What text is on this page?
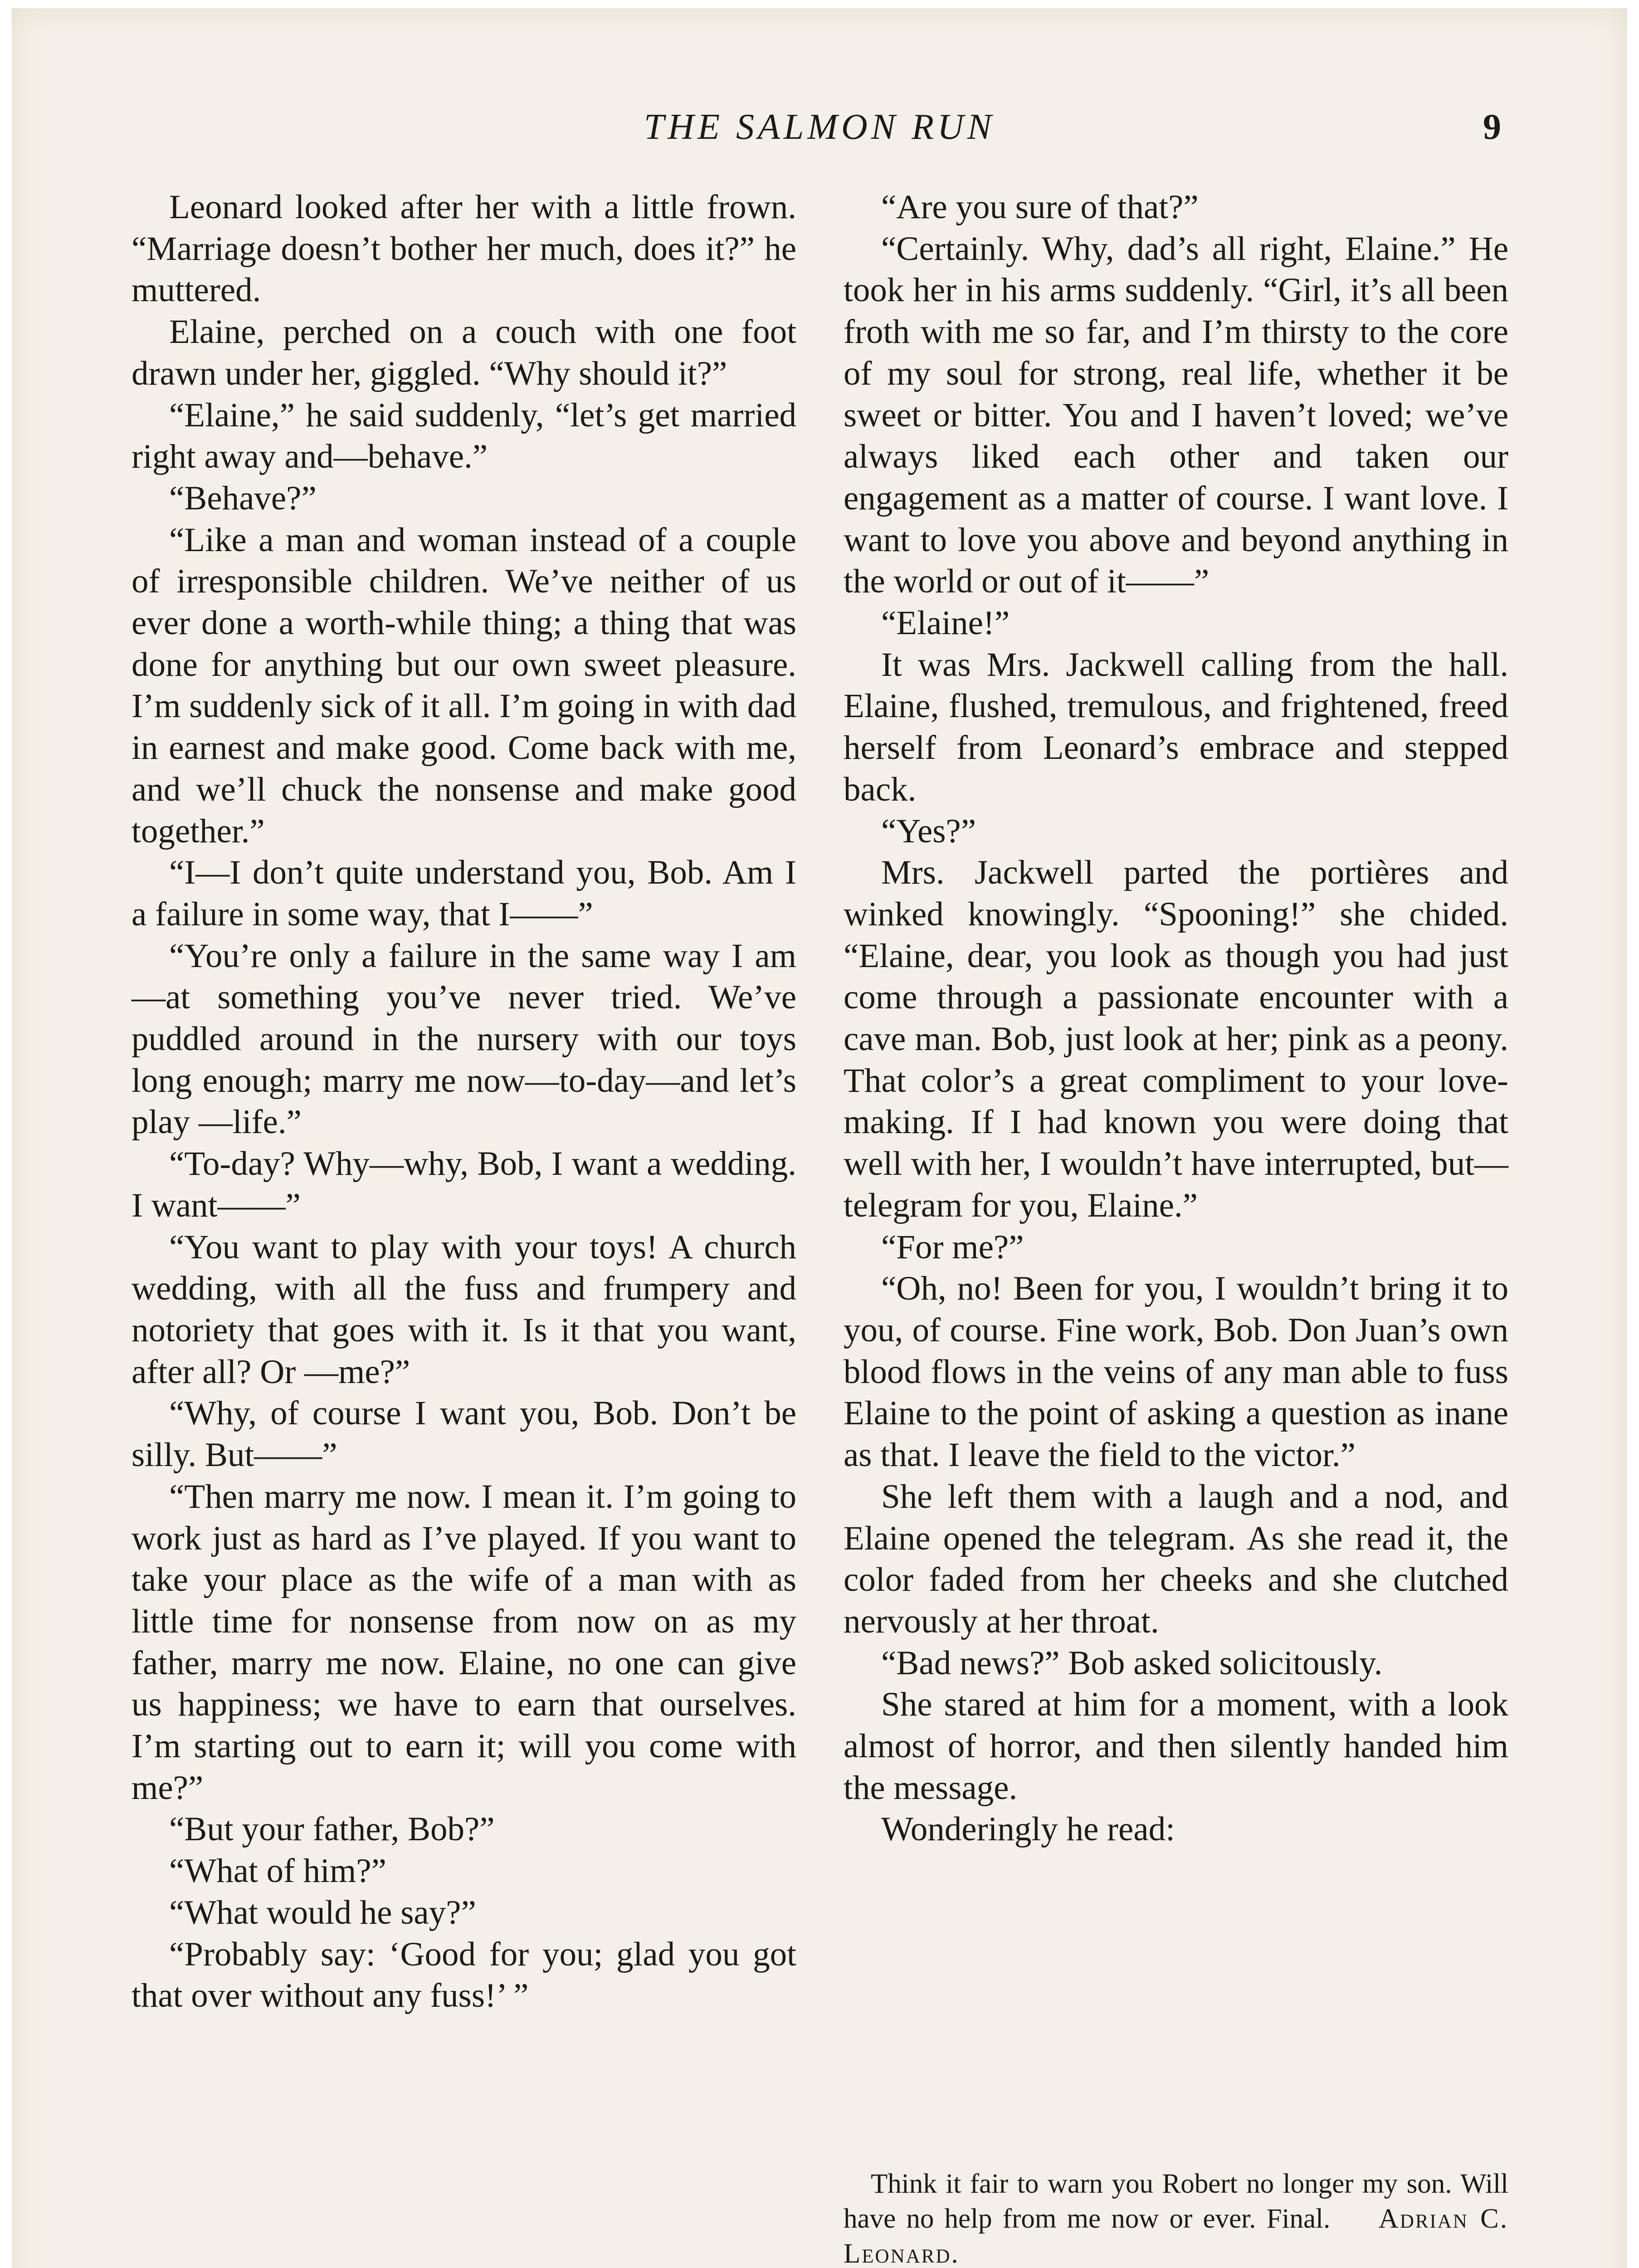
THE SALMON RUN	9

Leonard looked after her with a little frown. “Marriage doesn’t bother her much, does it?” he muttered.

Elaine, perched on a couch with one foot drawn under her, giggled. “Why should it?”

“Elaine,” he said suddenly, “let’s get married right away and—behave.”

“Behave?”

“Like a man and woman instead of a couple of irresponsible children. We’ve neither of us ever done a worth-while thing; a thing that was done for anything but our own sweet pleasure. I’m suddenly sick of it all. I’m going in with dad in earnest and make good. Come back with me, and we’ll chuck the nonsense and make good together.”

“I—I don’t quite understand you, Bob. Am I a failure in some way, that I——”

“You’re only a failure in the same way I am—at something you’ve never tried. We’ve puddled around in the nursery with our toys long enough; marry me now—to-day—and let’s play —life.”

“To-day? Why—why, Bob, I want a wedding. I want——”

“You want to play with your toys! A church wedding, with all the fuss and frumpery and notoriety that goes with it. Is it that you want, after all? Or —me?”

“Why, of course I want you, Bob. Don’t be silly. But——”

“Then marry me now. I mean it. I’m going to work just as hard as I’ve played. If you want to take your place as the wife of a man with as little time for nonsense from now on as my father, marry me now. Elaine, no one can give us happiness; we have to earn that ourselves. I’m starting out to earn it; will you come with me?”

“But your father, Bob?”

“What of him?”

“What would he say?”

“Probably say: ‘Good for you; glad you got that over without any fuss!’ ”

“Are you sure of that?”

“Certainly. Why, dad’s all right, Elaine.” He took her in his arms suddenly. “Girl, it’s all been froth with me so far, and I’m thirsty to the core of my soul for strong, real life, whether it be sweet or bitter. You and I haven’t loved; we’ve always liked each other and taken our engagement as a matter of course. I want love. I want to love you above and beyond anything in the world or out of it——”

“Elaine!”

It was Mrs. Jackwell calling from the hall. Elaine, flushed, tremulous, and frightened, freed herself from Leonard’s embrace and stepped back.

“Yes?”

Mrs. Jackwell parted the portières and winked knowingly. “Spooning!” she chided. “Elaine, dear, you look as though you had just come through a passionate encounter with a cave man. Bob, just look at her; pink as a peony. That color’s a great compliment to your love-making. If I had known you were doing that well with her, I wouldn’t have interrupted, but—telegram for you, Elaine.”

“For me?”

“Oh, no! Been for you, I wouldn’t bring it to you, of course. Fine work, Bob. Don Juan’s own blood flows in the veins of any man able to fuss Elaine to the point of asking a question as inane as that. I leave the field to the victor.”

She left them with a laugh and a nod, and Elaine opened the telegram. As she read it, the color faded from her cheeks and she clutched nervously at her throat.

“Bad news?” Bob asked solicitously.

She stared at him for a moment, with a look almost of horror, and then silently handed him the message.

Wonderingly he read:

Think it fair to warn you Robert no longer my son. Will have no help from me now or ever. Final. Adrian C. Leonard.
